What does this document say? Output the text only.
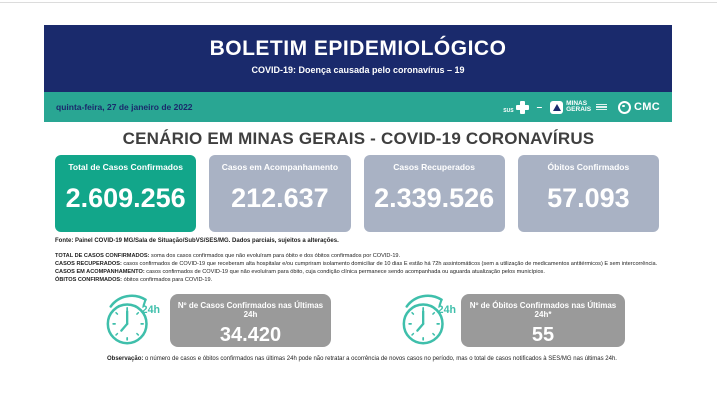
BOLETIM EPIDEMIOLÓGICO
COVID-19: Doença causada pelo coronavírus – 19
quinta-feira, 27 de janeiro de 2022	SUS –	MINAS
GERAIS	CMC
CENÁRIO EM MINAS GERAIS - COVID-19 CORONAVÍRUS
Total de Casos Confirmados
2.609.256
Casos em Acompanhamento
212.637
Casos Recuperados
2.339.526
Óbitos Confirmados
57.093
Fonte: Painel COVID-19 MG/Sala de Situação/SubVS/SES/MG. Dados parciais, sujeitos a alterações.
TOTAL DE CASOS CONFIRMADOS: soma dos casos confirmados que não evoluíram para óbito e dos óbitos confirmados por COVID-19.
CASOS RECUPERADOS: casos confirmados de COVID-19 que receberam alta hospitalar e/ou cumpriram isolamento domiciliar de 10 dias E estão há 72h assintomáticos (sem a utilização de medicamentos antitérmicos) E sem intercorrência.
CASOS EM ACOMPANHAMENTO: casos confirmados de COVID-19 que não evoluíram para óbito, cuja condição clínica permanece sendo acompanhada ou aguarda atualização pelos municípios.
ÓBITOS CONFIRMADOS: óbitos confirmados para COVID-19.
24h	Nº de Casos Confirmados nas Últimas 24h
34.420
24h	Nº de Óbitos Confirmados nas Últimas 24h*
55
Observação: o número de casos e óbitos confirmados nas últimas 24h pode não retratar a ocorrência de novos casos no período, mas o total de casos notificados à SES/MG nas últimas 24h.
